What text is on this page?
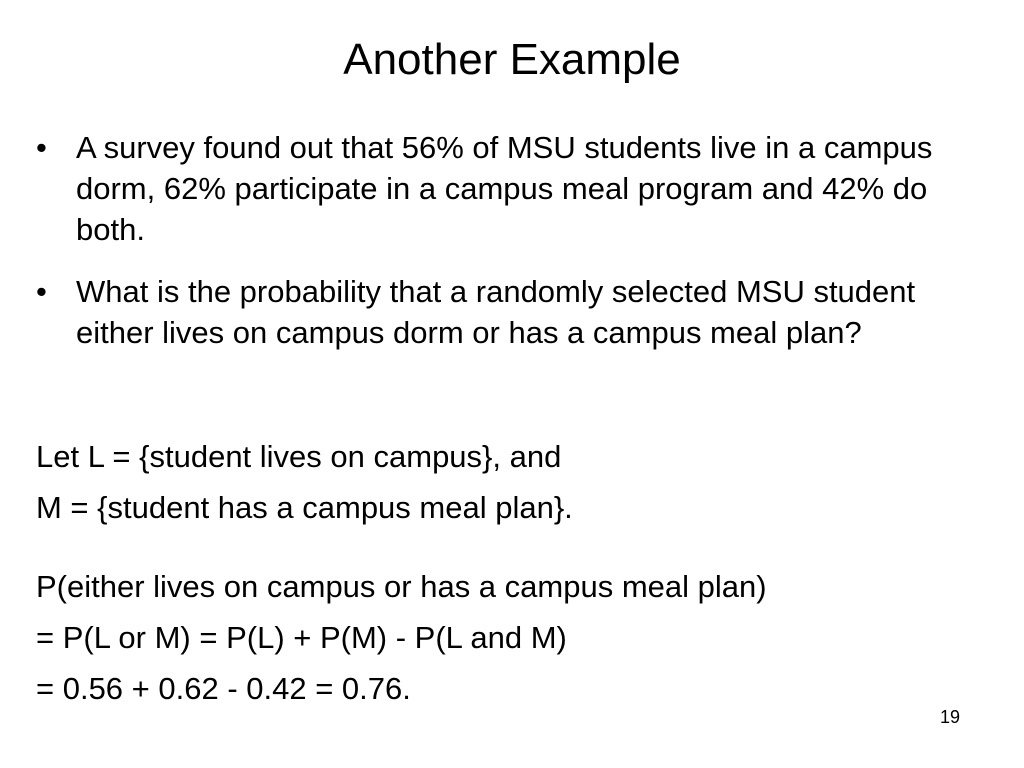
Another Example
• A survey found out that 56% of MSU students live in a campus dorm, 62% participate in a campus meal program and 42% do both.
• What is the probability that a randomly selected MSU student either lives on campus dorm or has a campus meal plan?
Let L = {student lives on campus}, and
M = {student has a campus meal plan}.
P(either lives on campus or has a campus meal plan)
= P(L or M) = P(L) + P(M) - P(L and M)
= 0.56 + 0.62 - 0.42 = 0.76.
19
